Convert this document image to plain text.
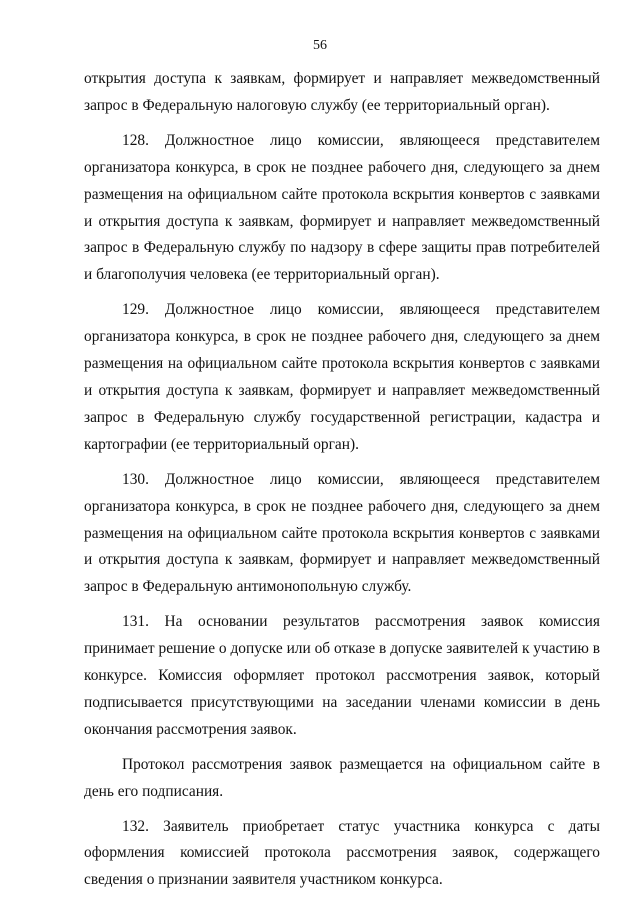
56

открытия доступа к заявкам, формирует и направляет межведомственный запрос в Федеральную налоговую службу (ее территориальный орган).

128. Должностное лицо комиссии, являющееся представителем организатора конкурса, в срок не позднее рабочего дня, следующего за днем размещения на официальном сайте протокола вскрытия конвертов с заявками и открытия доступа к заявкам, формирует и направляет межведомственный запрос в Федеральную службу по надзору в сфере защиты прав потребителей и благополучия человека (ее территориальный орган).

129. Должностное лицо комиссии, являющееся представителем организатора конкурса, в срок не позднее рабочего дня, следующего за днем размещения на официальном сайте протокола вскрытия конвертов с заявками и открытия доступа к заявкам, формирует и направляет межведомственный запрос в Федеральную службу государственной регистрации, кадастра и картографии (ее территориальный орган).

130. Должностное лицо комиссии, являющееся представителем организатора конкурса, в срок не позднее рабочего дня, следующего за днем размещения на официальном сайте протокола вскрытия конвертов с заявками и открытия доступа к заявкам, формирует и направляет межведомственный запрос в Федеральную антимонопольную службу.

131. На основании результатов рассмотрения заявок комиссия принимает решение о допуске или об отказе в допуске заявителей к участию в конкурсе. Комиссия оформляет протокол рассмотрения заявок, который подписывается присутствующими на заседании членами комиссии в день окончания рассмотрения заявок.

Протокол рассмотрения заявок размещается на официальном сайте в день его подписания.

132. Заявитель приобретает статус участника конкурса с даты оформления комиссией протокола рассмотрения заявок, содержащего сведения о признании заявителя участником конкурса.
